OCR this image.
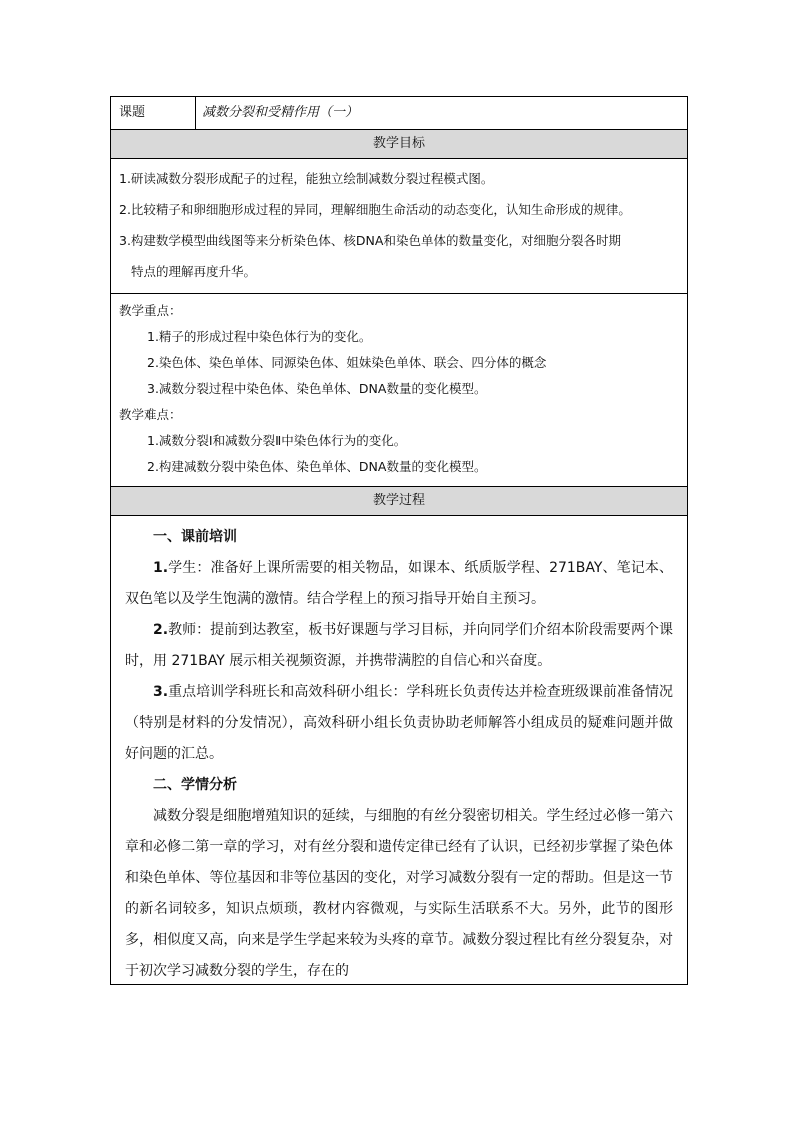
课题	减数分裂和受精作用（一）
教学目标

1.研读减数分裂形成配子的过程，能独立绘制减数分裂过程模式图。

2.比较精子和卵细胞形成过程的异同，理解细胞生命活动的动态变化，认知生命形成的规律。

3.构建数学模型曲线图等来分析染色体、核DNA和染色单体的数量变化，对细胞分裂各时期

特点的理解再度升华。

教学重点：

1.精子的形成过程中染色体行为的变化。

2.染色体、染色单体、同源染色体、姐妹染色单体、联会、四分体的概念

3.减数分裂过程中染色体、染色单体、DNA数量的变化模型。

教学难点：

1.减数分裂Ⅰ和减数分裂Ⅱ中染色体行为的变化。

2.构建减数分裂中染色体、染色单体、DNA数量的变化模型。

教学过程

一、课前培训

1.学生：准备好上课所需要的相关物品，如课本、纸质版学程、271BAY、笔记本、双色笔以及学生饱满的激情。结合学程上的预习指导开始自主预习。

2.教师：提前到达教室，板书好课题与学习目标，并向同学们介绍本阶段需要两个课时，用 271BAY 展示相关视频资源，并携带满腔的自信心和兴奋度。

3.重点培训学科班长和高效科研小组长：学科班长负责传达并检查班级课前准备情况（特别是材料的分发情况），高效科研小组长负责协助老师解答小组成员的疑难问题并做好问题的汇总。

二、学情分析

减数分裂是细胞增殖知识的延续，与细胞的有丝分裂密切相关。学生经过必修一第六章和必修二第一章的学习，对有丝分裂和遗传定律已经有了认识，已经初步掌握了染色体和染色单体、等位基因和非等位基因的变化，对学习减数分裂有一定的帮助。但是这一节的新名词较多，知识点烦琐，教材内容微观，与实际生活联系不大。另外，此节的图形多，相似度又高，向来是学生学起来较为头疼的章节。减数分裂过程比有丝分裂复杂，对于初次学习减数分裂的学生，存在的
